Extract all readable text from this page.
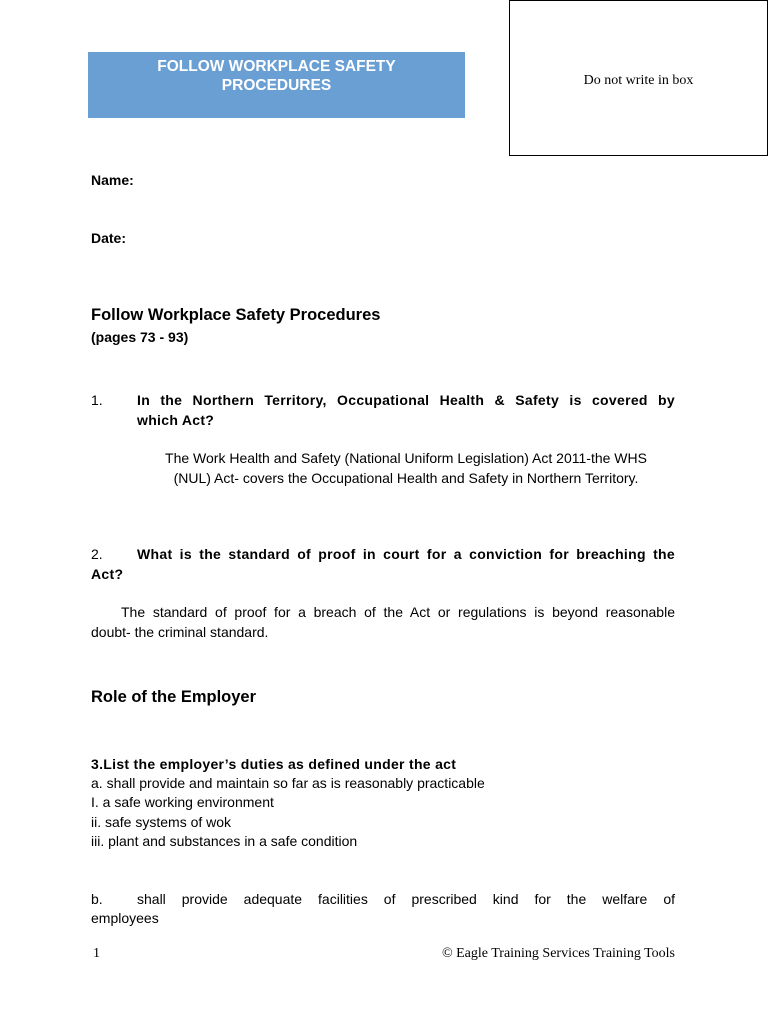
FOLLOW WORKPLACE SAFETY
PROCEDURES	Do not write in box
Name:
Date:
Follow Workplace Safety Procedures
(pages 73 - 93)
1. In the Northern Territory, Occupational Health & Safety is covered by
which Act?
The Work Health and Safety (National Uniform Legislation) Act 2011-the WHS
(NUL) Act- covers the Occupational Health and Safety in Northern Territory.
2. What is the standard of proof in court for a conviction for breaching the
Act?
The standard of proof for a breach of the Act or regulations is beyond reasonable
doubt- the criminal standard.
Role of the Employer
3.List the employer’s duties as defined under the act
a. shall provide and maintain so far as is reasonably practicable
I. a safe working environment
ii. safe systems of wok
iii. plant and substances in a safe condition
b. shall provide adequate facilities of prescribed kind for the welfare of
employees
1	© Eagle Training Services Training Tools
